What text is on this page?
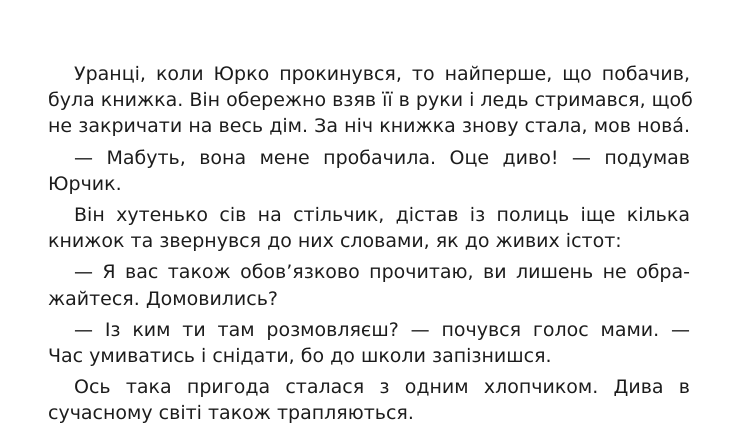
Уранці, коли Юрко прокинувся, то найперше, що побачив,
була книжка. Він обережно взяв її в руки і ледь стримався, щоб
не закричати на весь дім. За ніч книжка знову стала, мов нова́.
— Мабуть, вона мене пробачила. Оце диво! — подумав
Юрчик.
Він хутенько сів на стільчик, дістав із полиць іще кілька
книжок та звернувся до них словами, як до живих істот:
— Я вас також обов’язково прочитаю, ви лишень не обра-
жайтеся. Домовились?
— Із ким ти там розмовляєш? — почувся голос мами. —
Час умиватись і снідати, бо до школи запізнишся.
Ось така пригода сталася з одним хлопчиком. Дива в
сучасному світі також трапляються.
